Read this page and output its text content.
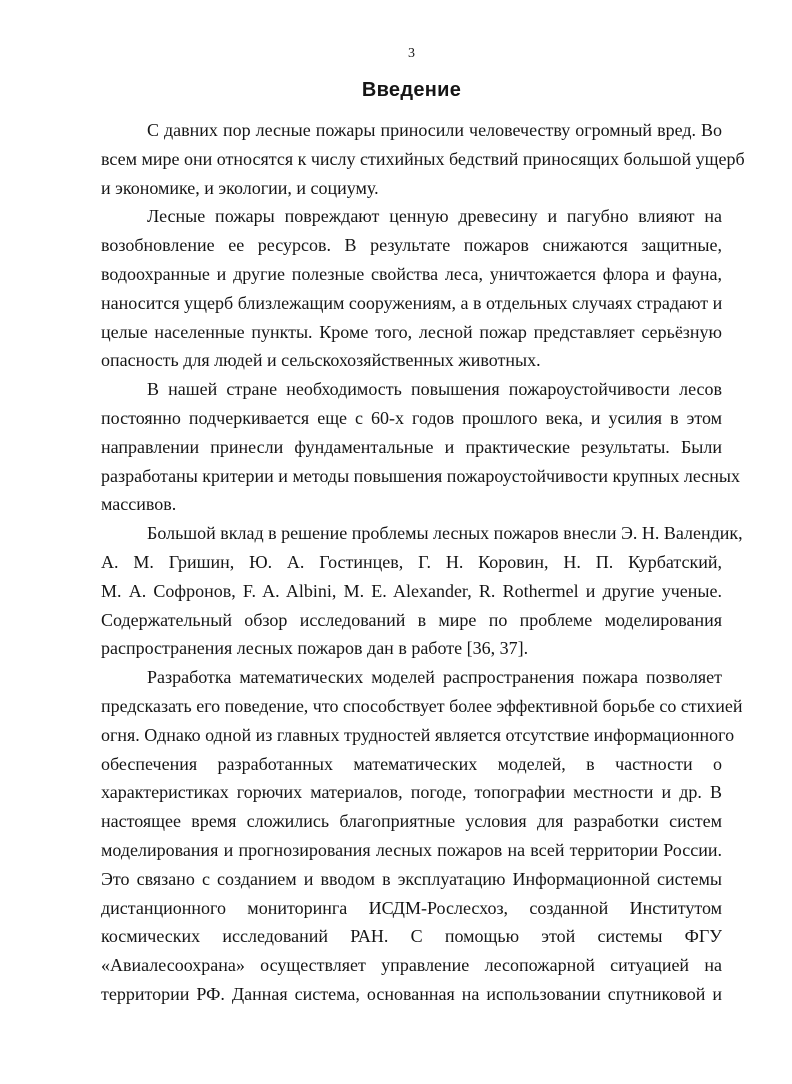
3
Введение
С давних пор лесные пожары приносили человечеству огромный вред. Во
всем мире они относятся к числу стихийных бедствий приносящих большой ущерб
и экономике, и экологии, и социуму.
Лесные пожары повреждают ценную древесину и пагубно влияют на
возобновление ее ресурсов. В результате пожаров снижаются защитные,
водоохранные и другие полезные свойства леса, уничтожается флора и фауна,
наносится ущерб близлежащим сооружениям, а в отдельных случаях страдают и
целые населенные пункты. Кроме того, лесной пожар представляет серьёзную
опасность для людей и сельскохозяйственных животных.
В нашей стране необходимость повышения пожароустойчивости лесов
постоянно подчеркивается еще с 60-х годов прошлого века, и усилия в этом
направлении принесли фундаментальные и практические результаты. Были
разработаны критерии и методы повышения пожароустойчивости крупных лесных
массивов.
Большой вклад в решение проблемы лесных пожаров внесли Э. Н. Валендик,
А. М. Гришин, Ю. А. Гостинцев, Г. Н. Коровин, Н. П. Курбатский,
М. А. Софронов, F. A. Albini, M. E. Alexander, R. Rothermel и другие ученые.
Содержательный обзор исследований в мире по проблеме моделирования
распространения лесных пожаров дан в работе [36, 37].
Разработка математических моделей распространения пожара позволяет
предсказать его поведение, что способствует более эффективной борьбе со стихией
огня. Однако одной из главных трудностей является отсутствие информационного
обеспечения разработанных математических моделей, в частности о
характеристиках горючих материалов, погоде, топографии местности и др. В
настоящее время сложились благоприятные условия для разработки систем
моделирования и прогнозирования лесных пожаров на всей территории России.
Это связано с созданием и вводом в эксплуатацию Информационной системы
дистанционного мониторинга ИСДМ-Рослесхоз, созданной Институтом
космических исследований РАН. С помощью этой системы ФГУ
«Авиалесоохрана» осуществляет управление лесопожарной ситуацией на
территории РФ. Данная система, основанная на использовании спутниковой и
